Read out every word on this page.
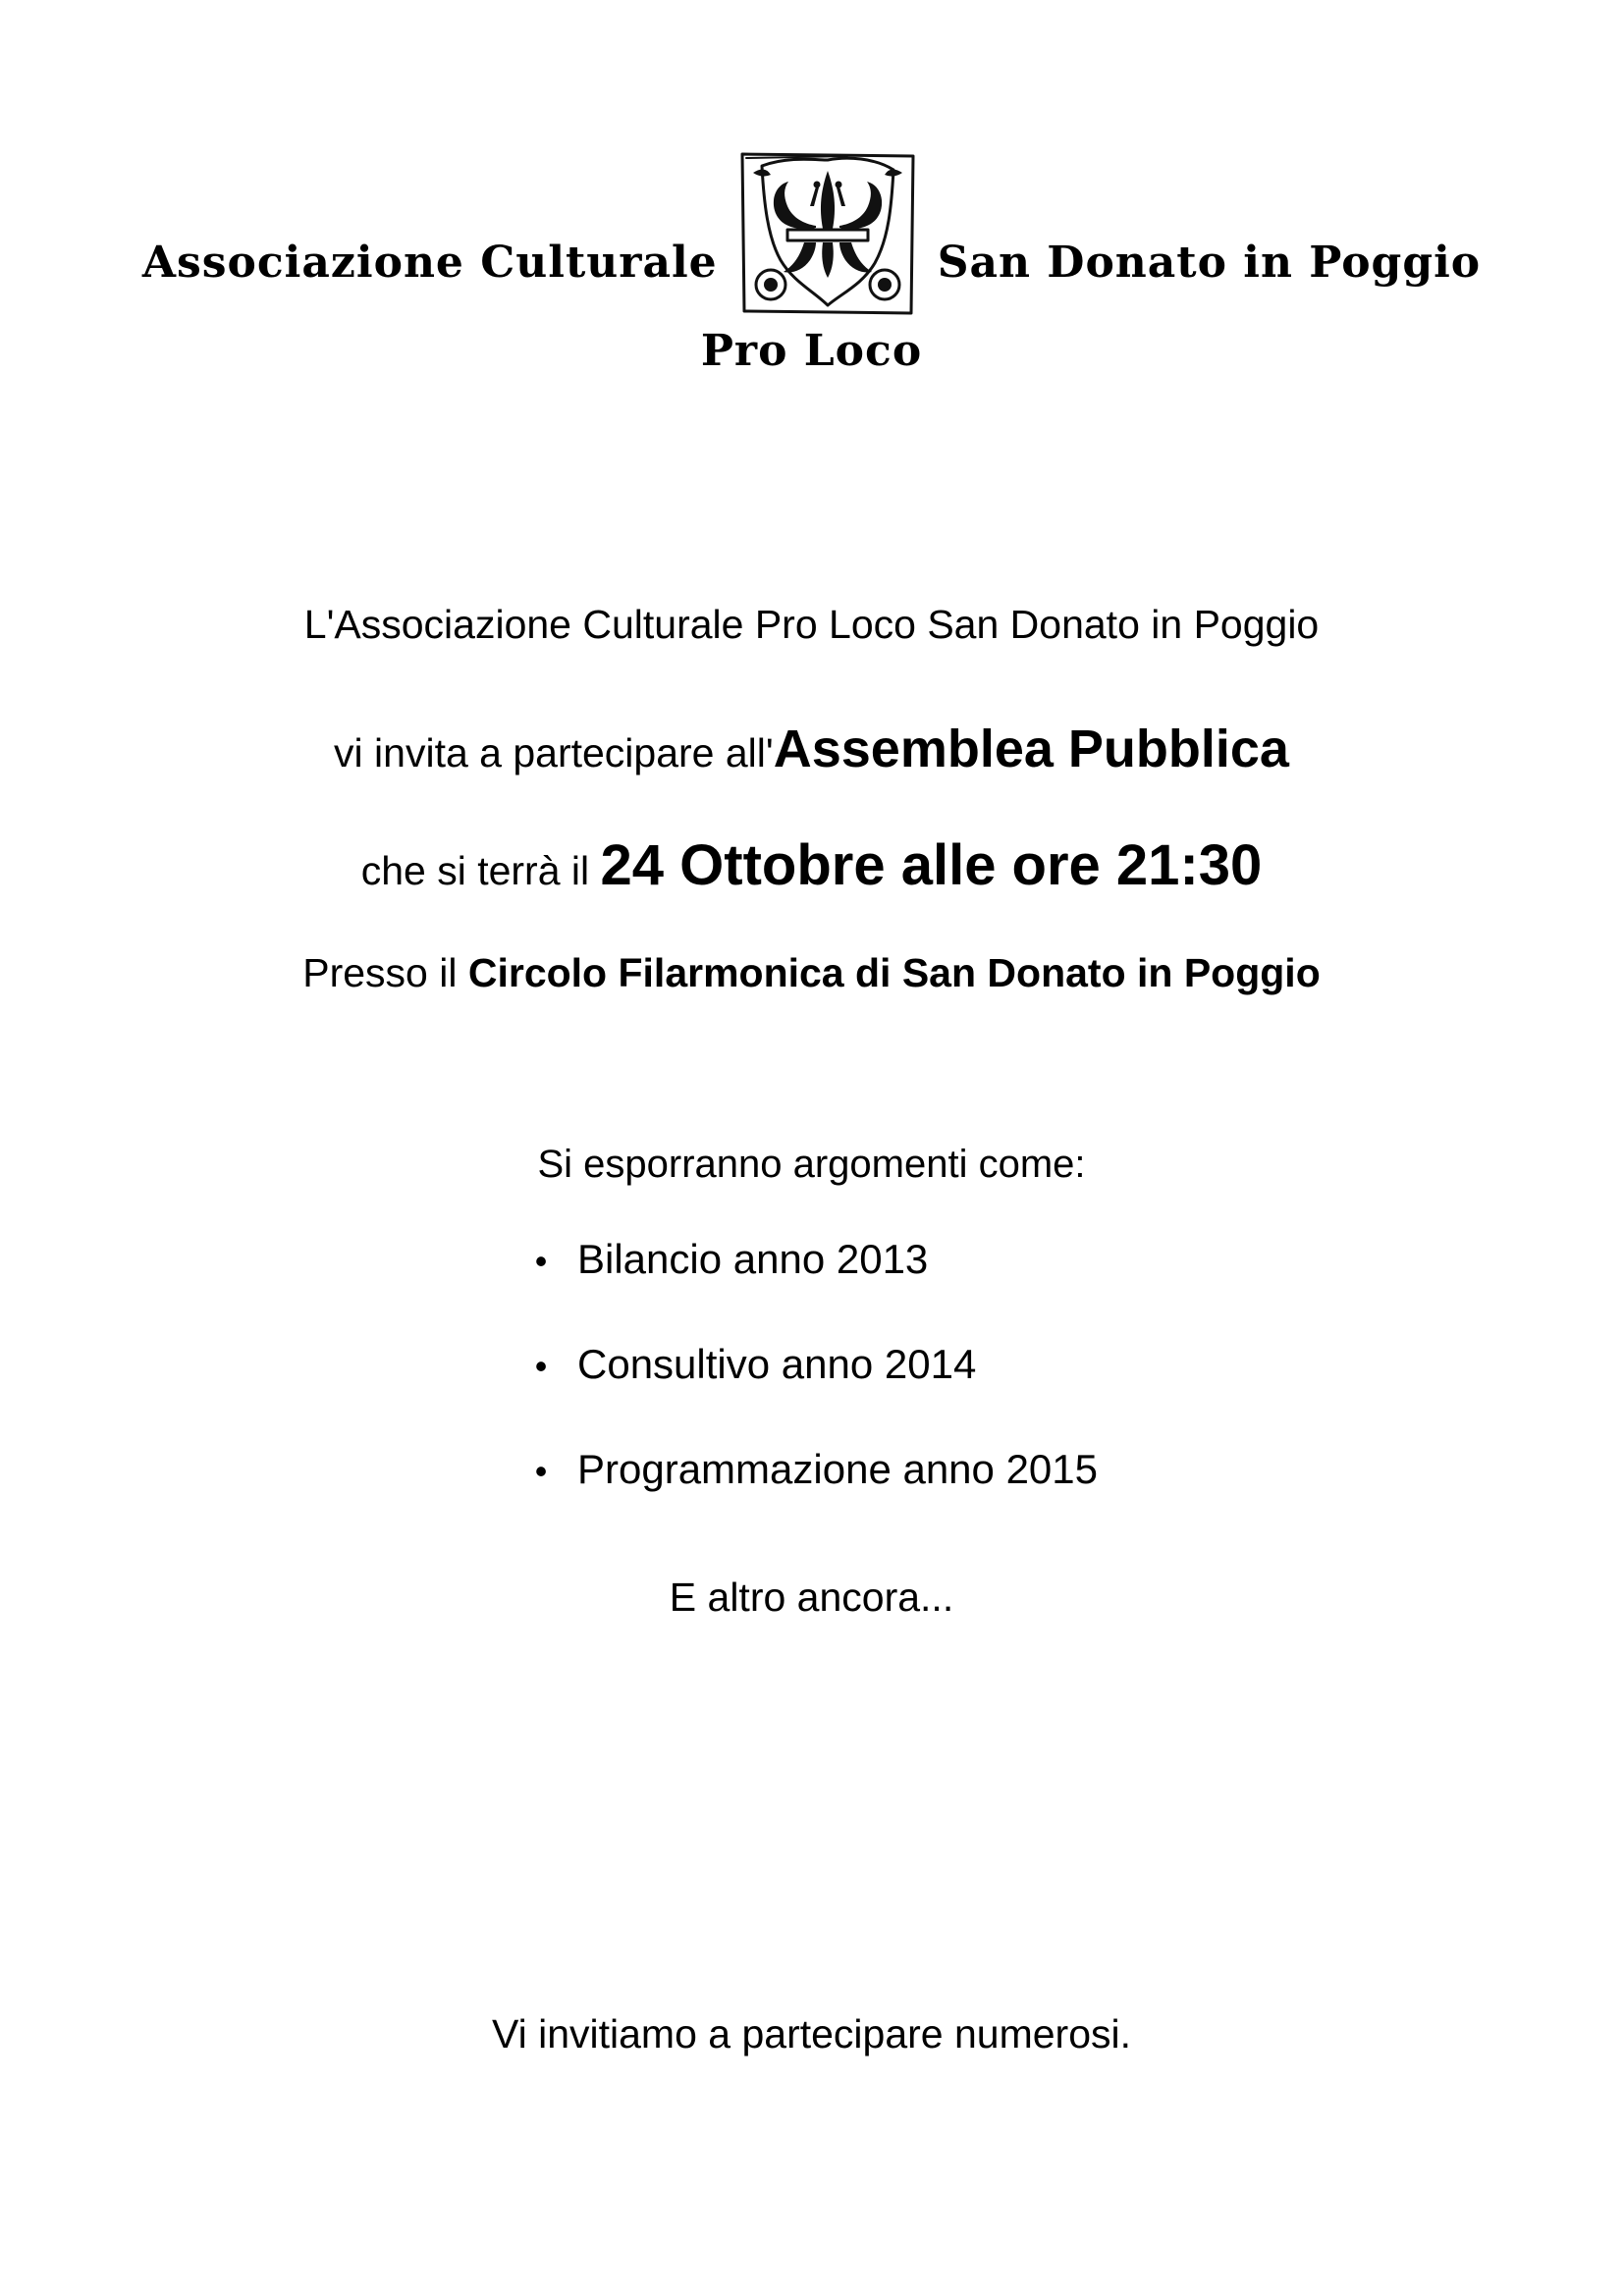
Associazione Culturale	San Donato in Poggio
Pro Loco
L'Associazione Culturale Pro Loco San Donato in Poggio
vi invita a partecipare all'Assemblea Pubblica
che si terrà il 24 Ottobre alle ore 21:30
Presso il Circolo Filarmonica di San Donato in Poggio
Si esporranno argomenti come:
• Bilancio anno 2013
• Consultivo anno 2014
• Programmazione anno 2015
E altro ancora...
Vi invitiamo a partecipare numerosi.
